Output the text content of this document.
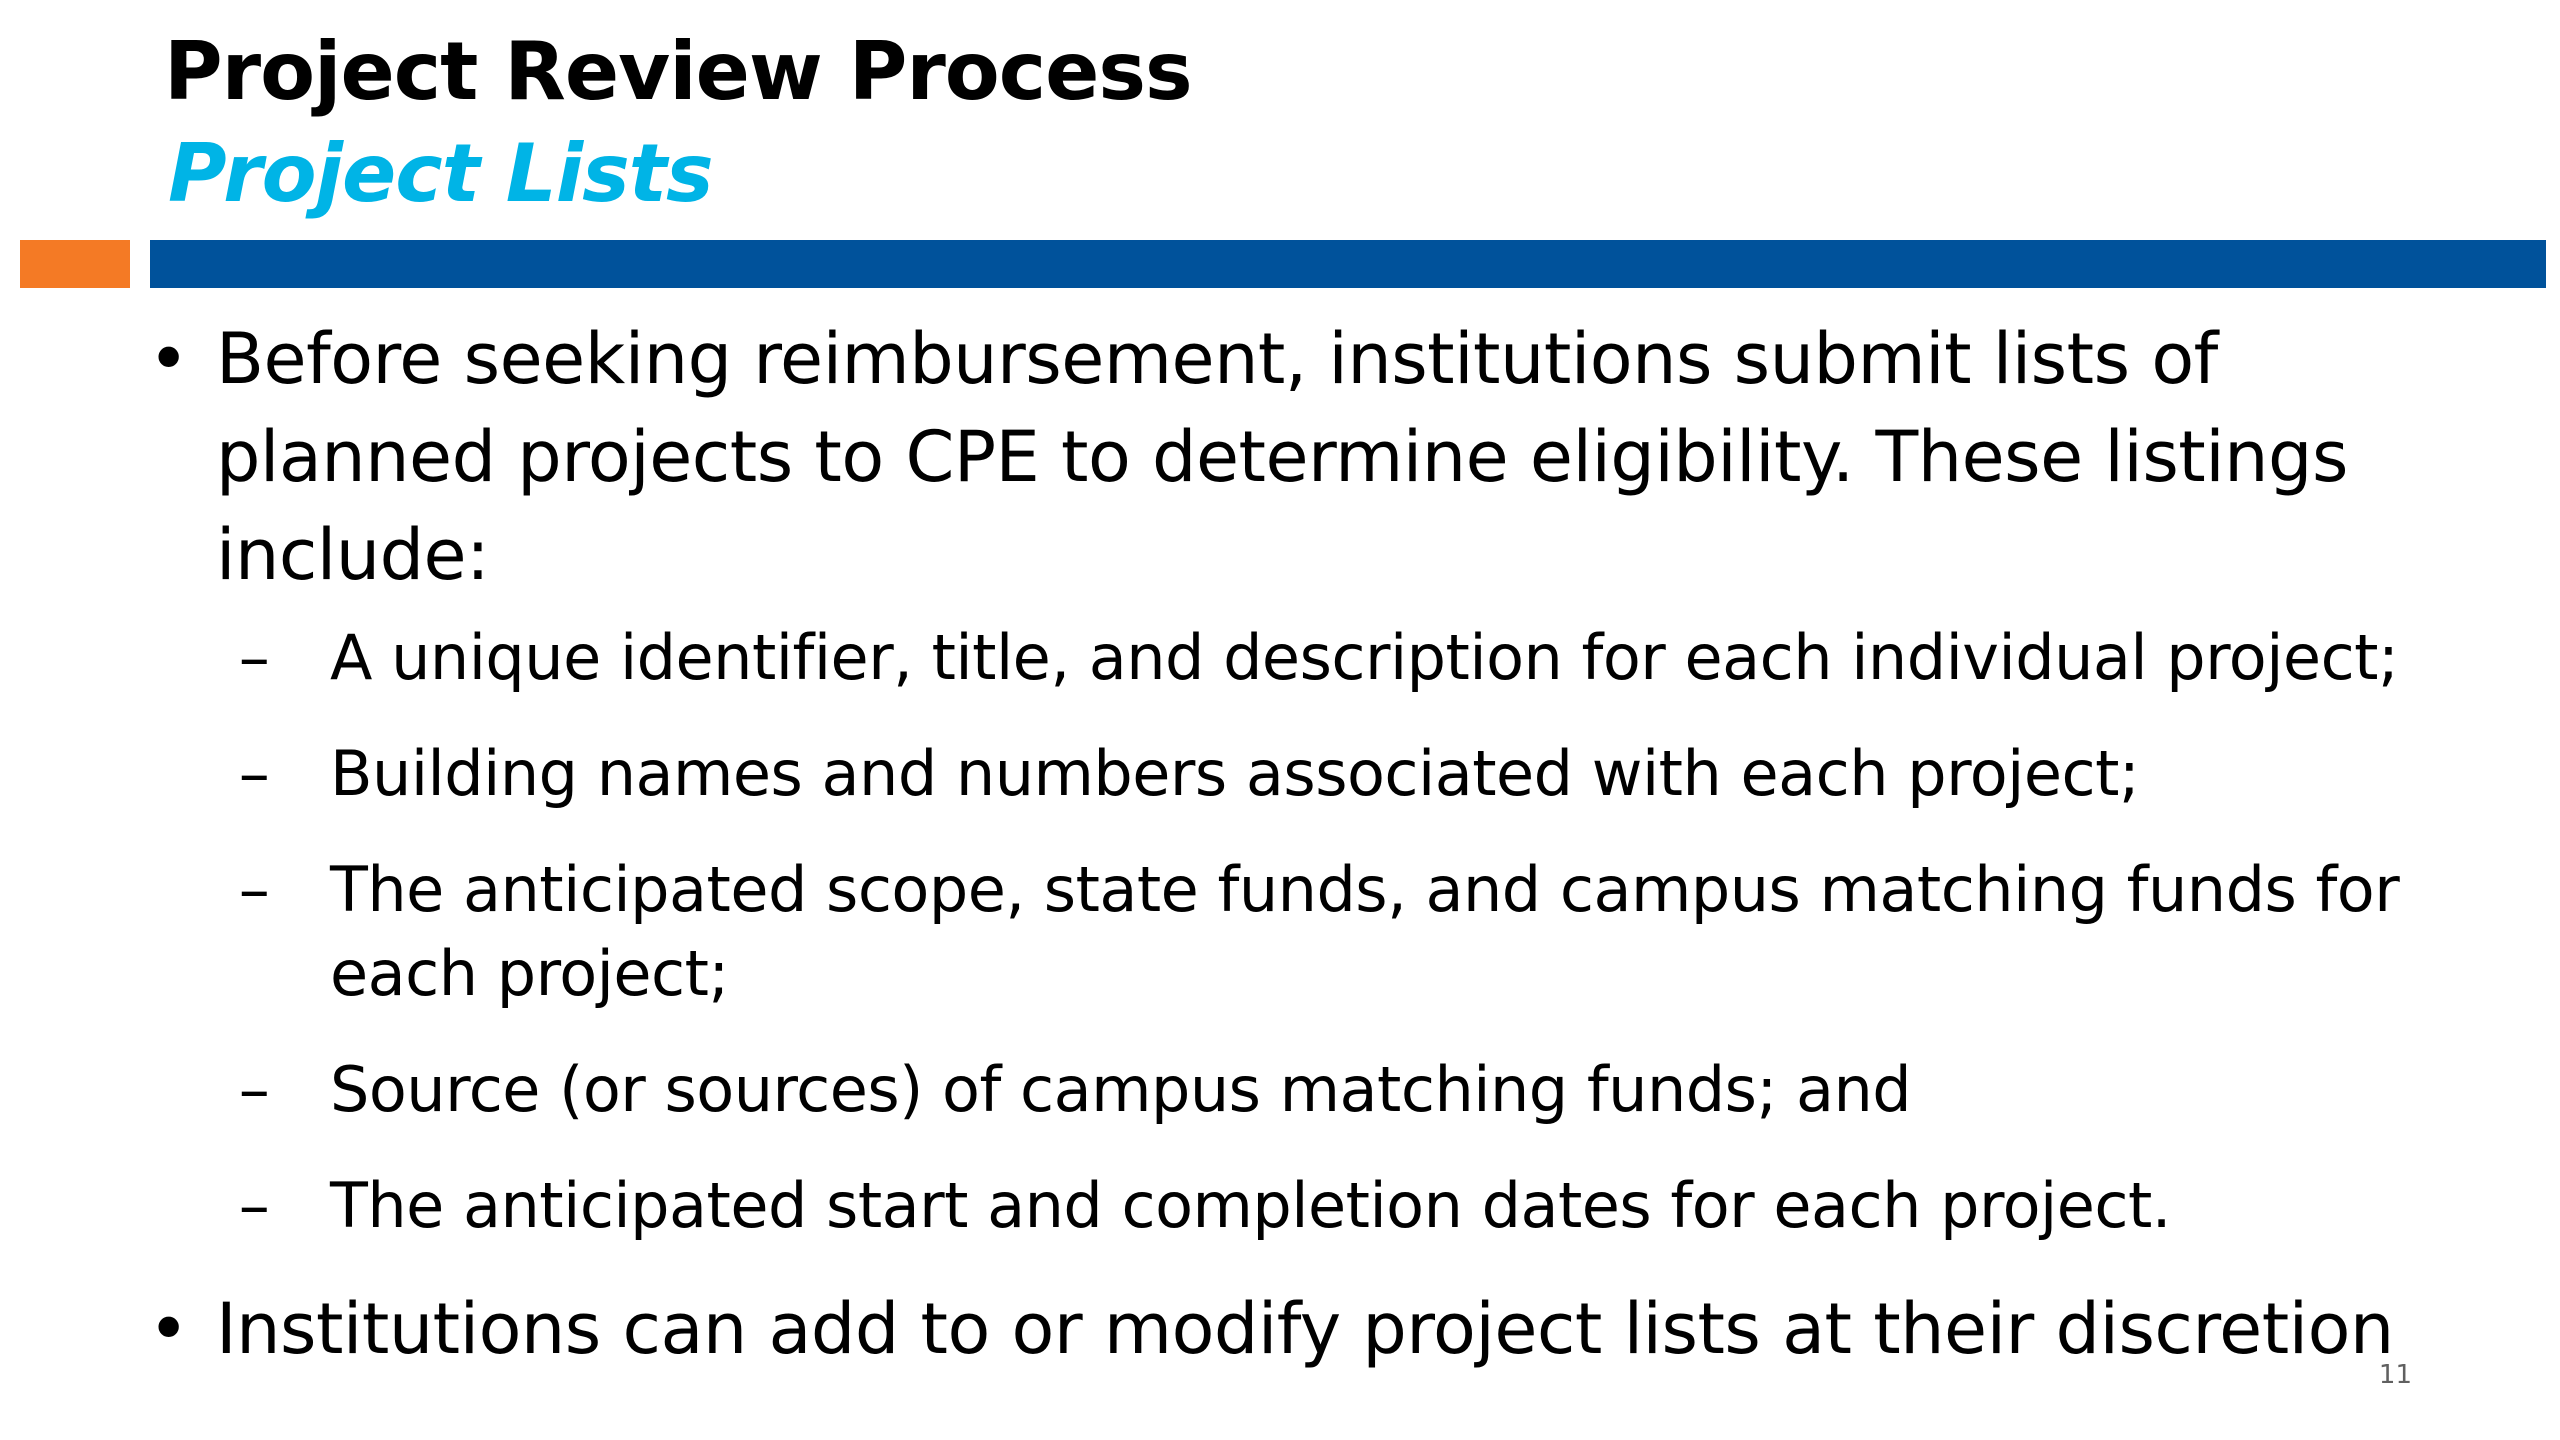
Project Review Process
Project Lists
• Before seeking reimbursement, institutions submit lists of planned projects to CPE to determine eligibility. These listings include:
– A unique identifier, title, and description for each individual project;
– Building names and numbers associated with each project;
– The anticipated scope, state funds, and campus matching funds for each project;
– Source (or sources) of campus matching funds; and
– The anticipated start and completion dates for each project.
• Institutions can add to or modify project lists at their discretion
11
